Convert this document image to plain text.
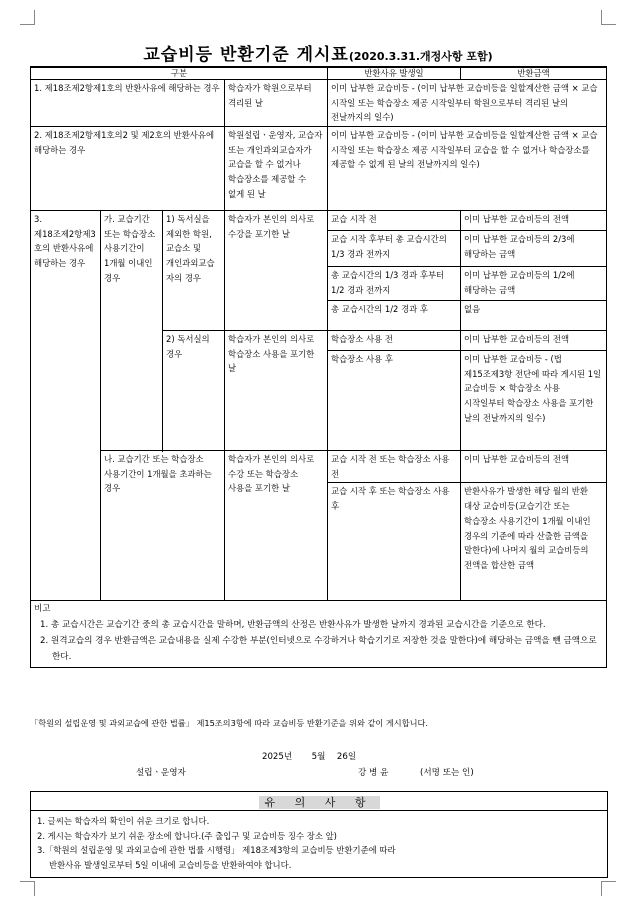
교습비등 반환기준 게시표(2020.3.31.개정사항 포함)
구분				반환사유 발생일	반환금액
1. 제18조제2항제1호의 반환사유에 해당하는 경우			학습자가 학원으로부터 격리된 날	이미 납부한 교습비등 - (이미 납부한 교습비등을 일할계산한 금액 × 교습 시작일 또는 학습장소 제공 시작일부터 학원으로부터 격리된 날의 전날까지의 일수)	
2. 제18조제2항제1호의2 및 제2호의 반환사유에 해당하는 경우			학원설립ㆍ운영자, 교습자 또는 개인과외교습자가 교습을 할 수 없거나 학습장소를 제공할 수 없게 된 날	이미 납부한 교습비등 - (이미 납부한 교습비등을 일할계산한 금액 × 교습 시작일 또는 학습장소 제공 시작일부터 교습을 할 수 없거나 학습장소를 제공할 수 없게 된 날의 전날까지의 일수)	
3. 제18조제2항제3호의 반환사유에 해당하는 경우	가. 교습기간 또는 학습장소 사용기간이 1개월 이내인 경우	1) 독서실을 제외한 학원, 교습소 및 개인과외교습자의 경우	학습자가 본인의 의사로 수강을 포기한 날	교습 시작 전	이미 납부한 교습비등의 전액
				교습 시작 후부터 총 교습시간의 1/3 경과 전까지	이미 납부한 교습비등의 2/3에 해당하는 금액
				총 교습시간의 1/3 경과 후부터 1/2 경과 전까지	이미 납부한 교습비등의 1/2에 해당하는 금액
				총 교습시간의 1/2 경과 후	없음
		2) 독서실의 경우	학습자가 본인의 의사로 학습장소 사용을 포기한 날	학습장소 사용 전	이미 납부한 교습비등의 전액
				학습장소 사용 후	이미 납부한 교습비등 - (법 제15조제3항 전단에 따라 게시된 1일 교습비등 × 학습장소 사용 시작일부터 학습장소 사용을 포기한 날의 전날까지의 일수)

	나. 교습기간 또는 학습장소 사용기간이 1개월을 초과하는 경우		학습자가 본인의 의사로 수강 또는 학습장소 사용을 포기한 날	교습 시작 전 또는 학습장소 사용 전	이미 납부한 교습비등의 전액
				교습 시작 후 또는 학습장소 사용 후	반환사유가 발생한 해당 월의 반환 대상 교습비등(교습기간 또는 학습장소 사용기간이 1개월 이내인 경우의 기준에 따라 산출한 금액을 말한다)에 나머지 월의 교습비등의 전액을 합산한 금액

비고
1. 총 교습시간은 교습기간 중의 총 교습시간을 말하며, 반환금액의 산정은 반환사유가 발생한 날까지 경과된 교습시간을 기준으로 한다.
2. 원격교습의 경우 반환금액은 교습내용을 실제 수강한 부분(인터넷으로 수강하거나 학습기기로 저장한 것을 말한다)에 해당하는 금액을 뺀 금액으로 한다.					
「학원의 설립운영 및 과외교습에 관한 법률」 제15조의3항에 따라 교습비등 반환기준을 위와 같이 게시합니다.
2025년 5월 26일
설립ㆍ운영자	강 병 윤	(서명 또는 인)
유 의 사 항
1. 글씨는 학습자의 확인이 쉬운 크기로 합니다.
2. 게시는 학습자가 보기 쉬운 장소에 합니다.(주 출입구 및 교습비등 징수 장소 앞)
3.「학원의 설립운영 및 과외교습에 관한 법률 시행령」 제18조제3항의 교습비등 반환기준에 따라
반환사유 발생일로부터 5일 이내에 교습비등을 반환하여야 합니다.
